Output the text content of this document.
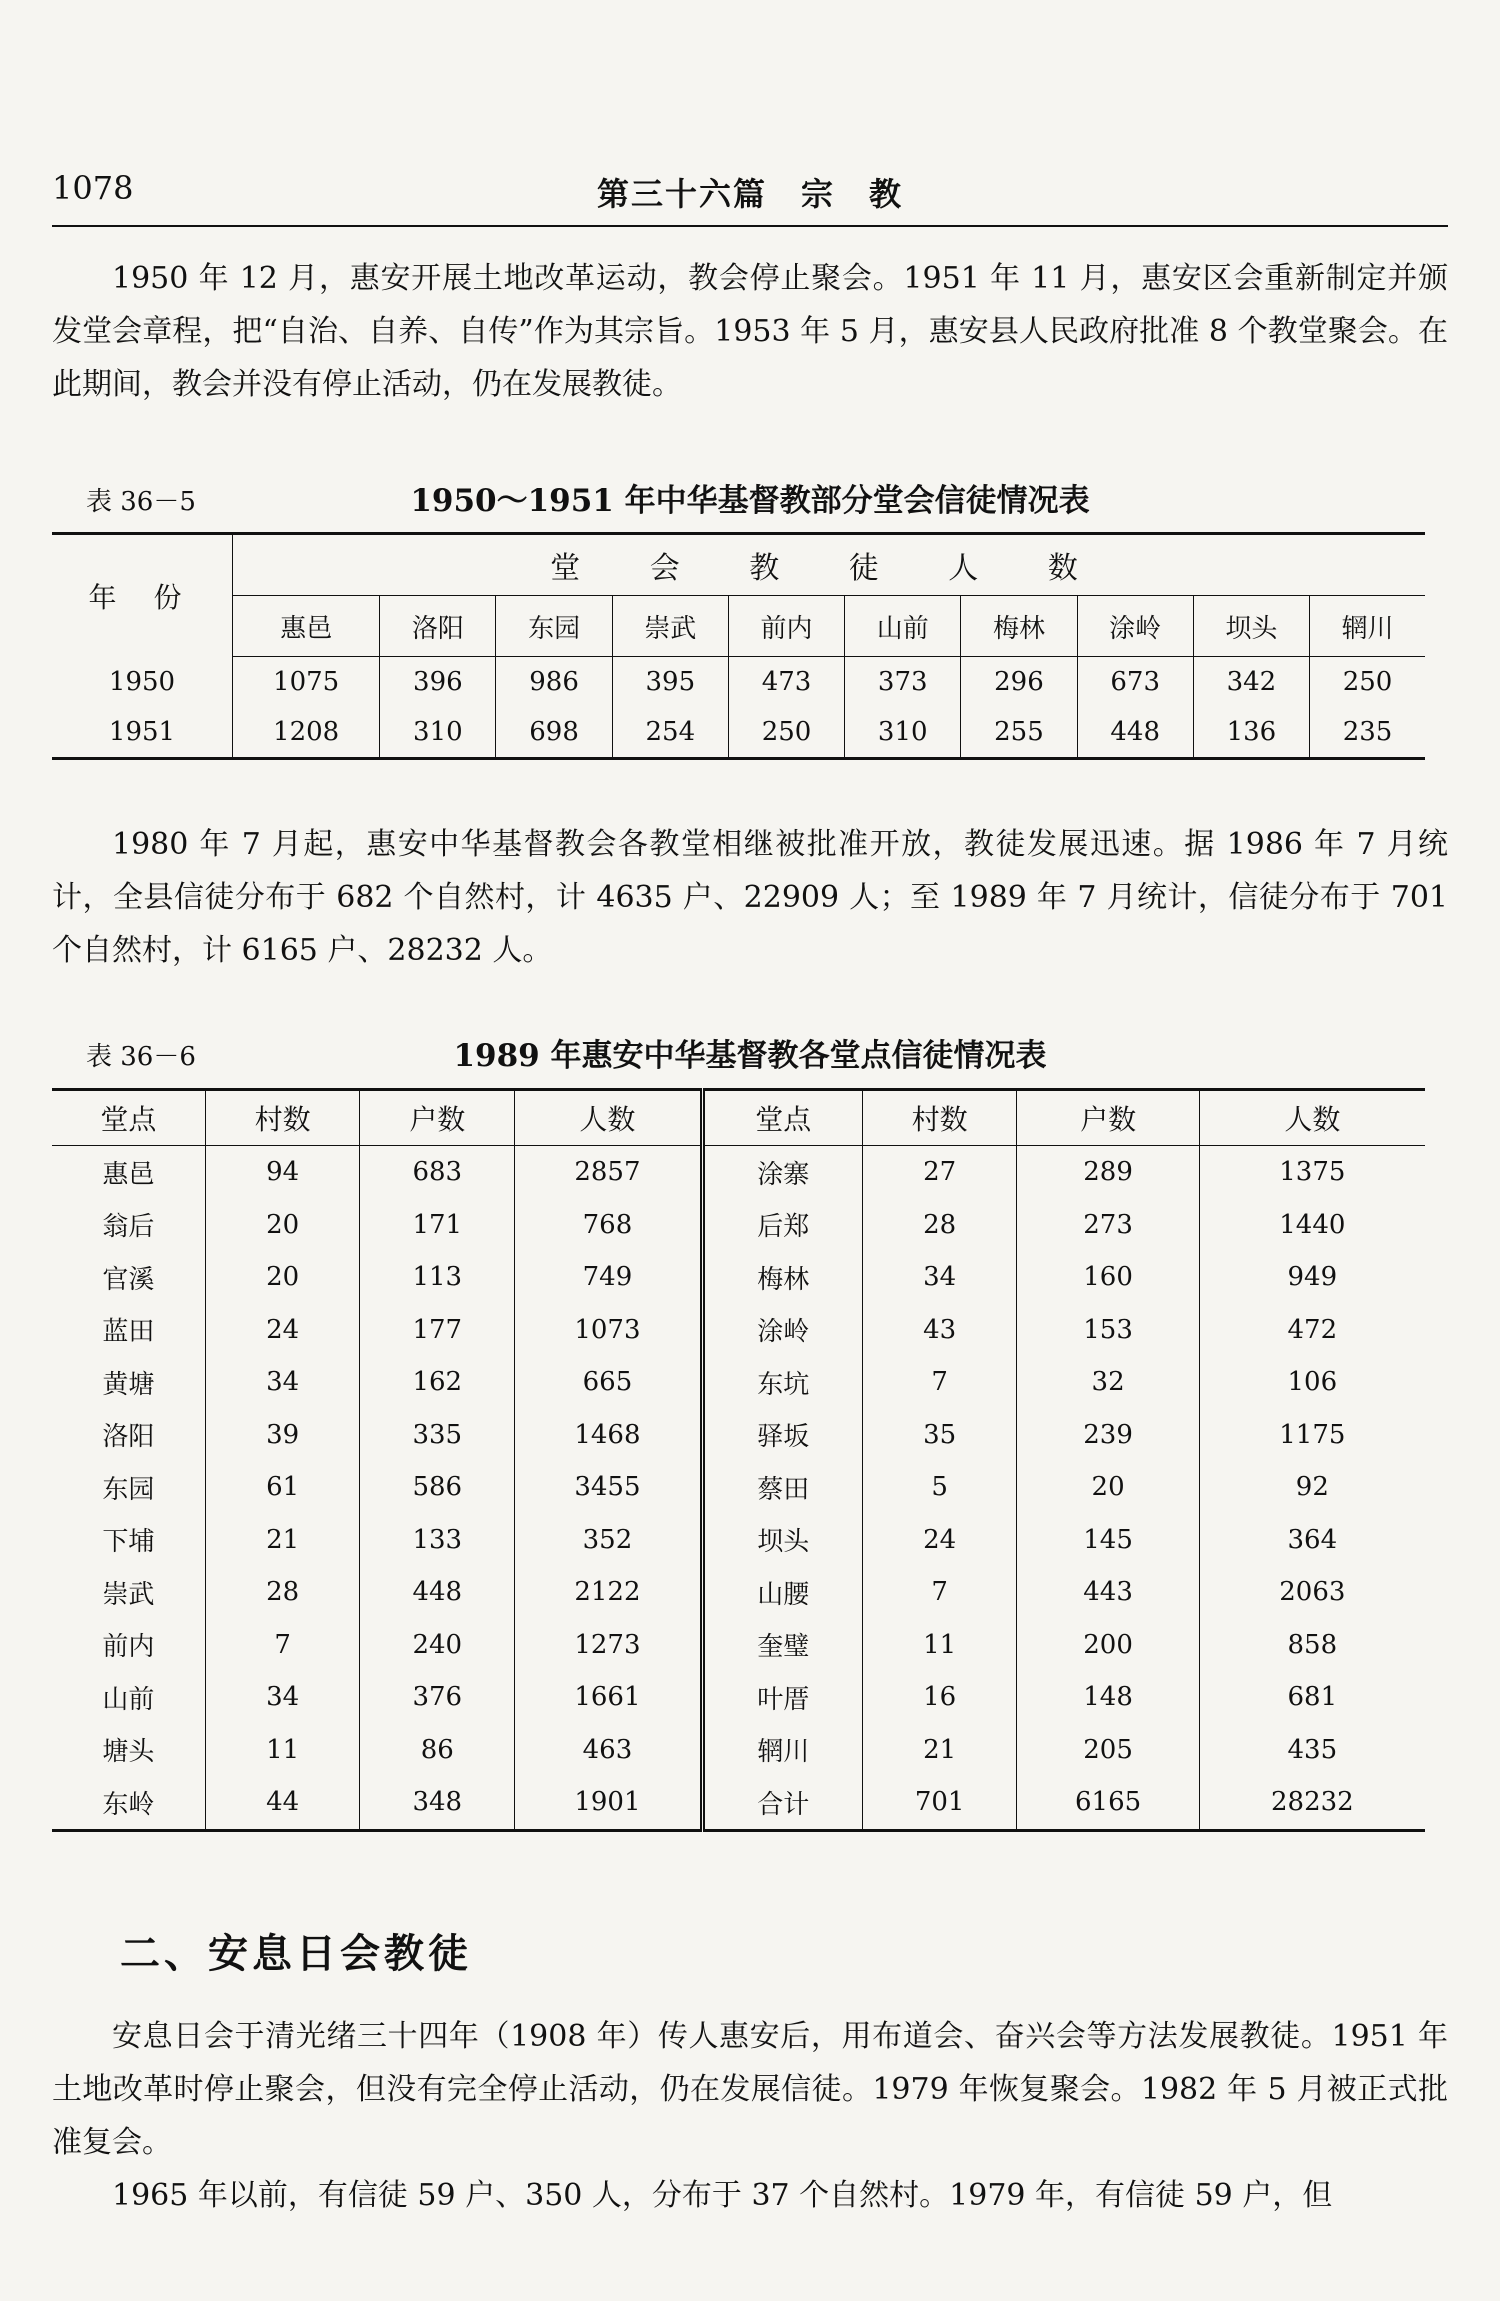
1078	第三十六篇　宗　教

1950 年 12 月，惠安开展土地改革运动，教会停止聚会。1951 年 11 月，惠安区会重新制定并颁发堂会章程，把“自治、自养、自传”作为其宗旨。1953 年 5 月，惠安县人民政府批准 8 个教堂聚会。在此期间，教会并没有停止活动，仍在发展教徒。

表 36－5	1950～1951 年中华基督教部分堂会信徒情况表
年 份	堂 会 教 徒 人 数									
	惠邑	洛阳	东园	崇武	前内	山前	梅林	涂岭	坝头	辋川
1950	1075	396	986	395	473	373	296	673	342	250
1951	1208	310	698	254	250	310	255	448	136	235

1980 年 7 月起，惠安中华基督教会各教堂相继被批准开放，教徒发展迅速。据 1986 年 7 月统计，全县信徒分布于 682 个自然村，计 4635 户、22909 人；至 1989 年 7 月统计，信徒分布于 701 个自然村，计 6165 户、28232 人。

表 36－6	1989 年惠安中华基督教各堂点信徒情况表
堂点	村数	户数	人数	堂点	村数	户数	人数
惠邑	94	683	2857	涂寨	27	289	1375
翁后	20	171	768	后郑	28	273	1440
官溪	20	113	749	梅林	34	160	949
蓝田	24	177	1073	涂岭	43	153	472
黄塘	34	162	665	东坑	7	32	106
洛阳	39	335	1468	驿坂	35	239	1175
东园	61	586	3455	蔡田	5	20	92
下埔	21	133	352	坝头	24	145	364
崇武	28	448	2122	山腰	7	443	2063
前内	7	240	1273	奎璧	11	200	858
山前	34	376	1661	叶厝	16	148	681
塘头	11	86	463	辋川	21	205	435
东岭	44	348	1901	合计	701	6165	28232
二、安息日会教徒

安息日会于清光绪三十四年（1908 年）传人惠安后，用布道会、奋兴会等方法发展教徒。1951 年土地改革时停止聚会，但没有完全停止活动，仍在发展信徒。1979 年恢复聚会。1982 年 5 月被正式批准复会。

1965 年以前，有信徒 59 户、350 人，分布于 37 个自然村。1979 年，有信徒 59 户，但
